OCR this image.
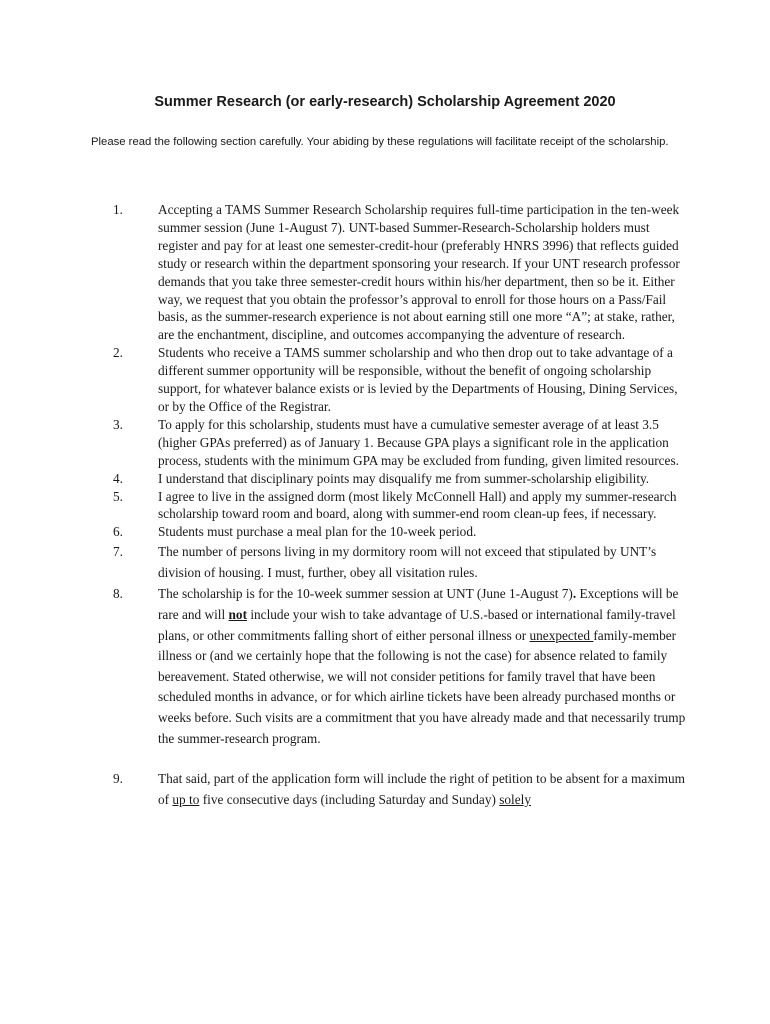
Summer Research (or early-research) Scholarship Agreement 2020
Please read the following section carefully. Your abiding by these regulations will facilitate receipt of the scholarship.
1.	Accepting a TAMS Summer Research Scholarship requires full-time participation in the ten-week summer session (June 1-August 7). UNT-based Summer-Research-Scholarship holders must register and pay for at least one semester-credit-hour (preferably HNRS 3996) that reflects guided study or research within the department sponsoring your research. If your UNT research professor demands that you take three semester-credit hours within his/her department, then so be it. Either way, we request that you obtain the professor’s approval to enroll for those hours on a Pass/Fail basis, as the summer-research experience is not about earning still one more “A”; at stake, rather, are the enchantment, discipline, and outcomes accompanying the adventure of research.
2.	Students who receive a TAMS summer scholarship and who then drop out to take advantage of a different summer opportunity will be responsible, without the benefit of ongoing scholarship support, for whatever balance exists or is levied by the Departments of Housing, Dining Services, or by the Office of the Registrar.
3.	To apply for this scholarship, students must have a cumulative semester average of at least 3.5 (higher GPAs preferred) as of January 1. Because GPA plays a significant role in the application process, students with the minimum GPA may be excluded from funding, given limited resources.
4.	I understand that disciplinary points may disqualify me from summer-scholarship eligibility.
5.	I agree to live in the assigned dorm (most likely McConnell Hall) and apply my summer-research scholarship toward room and board, along with summer-end room clean-up fees, if necessary.
6.	Students must purchase a meal plan for the 10-week period.
7.	The number of persons living in my dormitory room will not exceed that stipulated by UNT’s division of housing. I must, further, obey all visitation rules.
8.	The scholarship is for the 10-week summer session at UNT (June 1-August 7). Exceptions will be rare and will not include your wish to take advantage of U.S.-based or international family-travel plans, or other commitments falling short of either personal illness or unexpected family-member illness or (and we certainly hope that the following is not the case) for absence related to family bereavement. Stated otherwise, we will not consider petitions for family travel that have been scheduled months in advance, or for which airline tickets have been already purchased months or weeks before. Such visits are a commitment that you have already made and that necessarily trump the summer-research program.
9.	That said, part of the application form will include the right of petition to be absent for a maximum of up to five consecutive days (including Saturday and Sunday) solely
